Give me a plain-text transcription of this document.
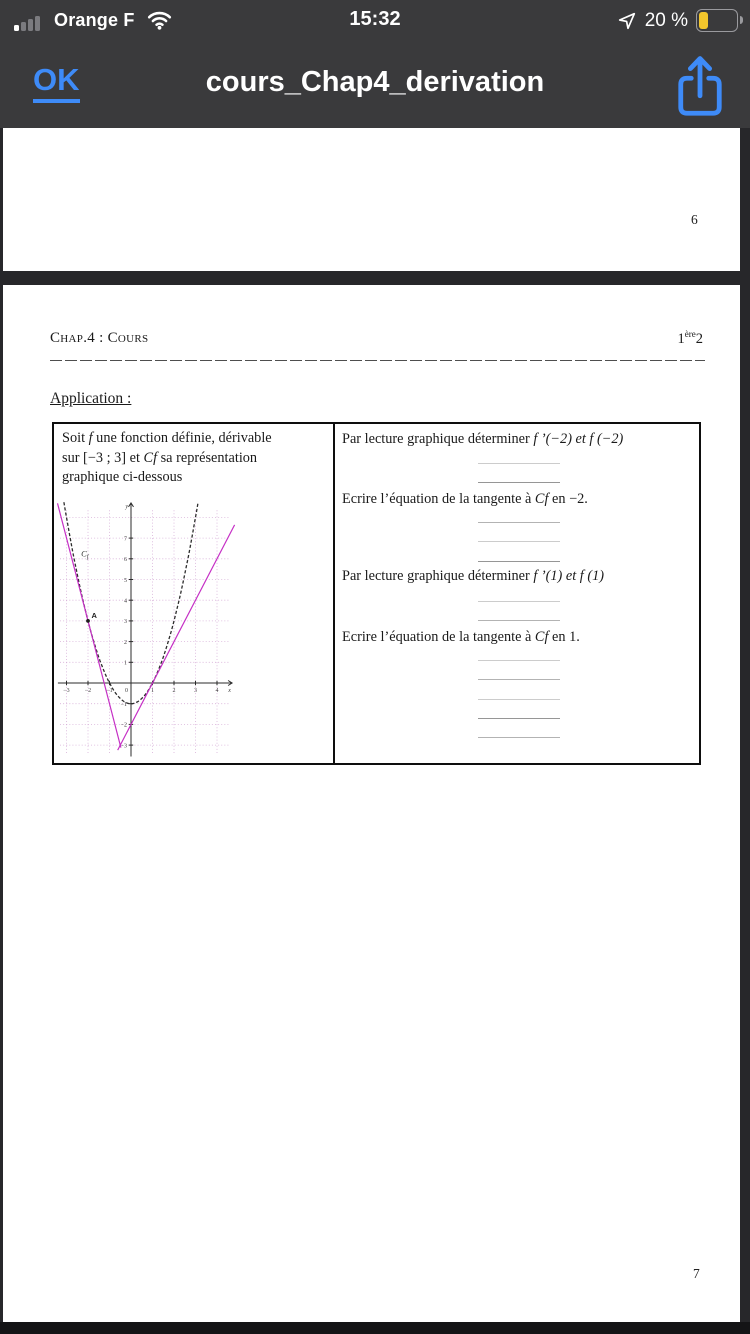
Orange F	15:32	20 %
OK	cours_Chap4_derivation
6
Chap.4 : Cours	1ère2
Application :
Soit f une fonction définie, dérivable
sur [−3 ; 3] et Cf sa représentation
graphique ci-dessous
−3	−2	−1 0	1	2	3	4
−3
−2
−1
1
2
3
4
5
6
7
x
y
A
$C_f$
Par lecture graphique déterminer f ’(−2) et f (−2)
Ecrire l’équation de la tangente à Cf en −2.
Par lecture graphique déterminer f ’(1) et f (1)
Ecrire l’équation de la tangente à Cf en 1.
7
